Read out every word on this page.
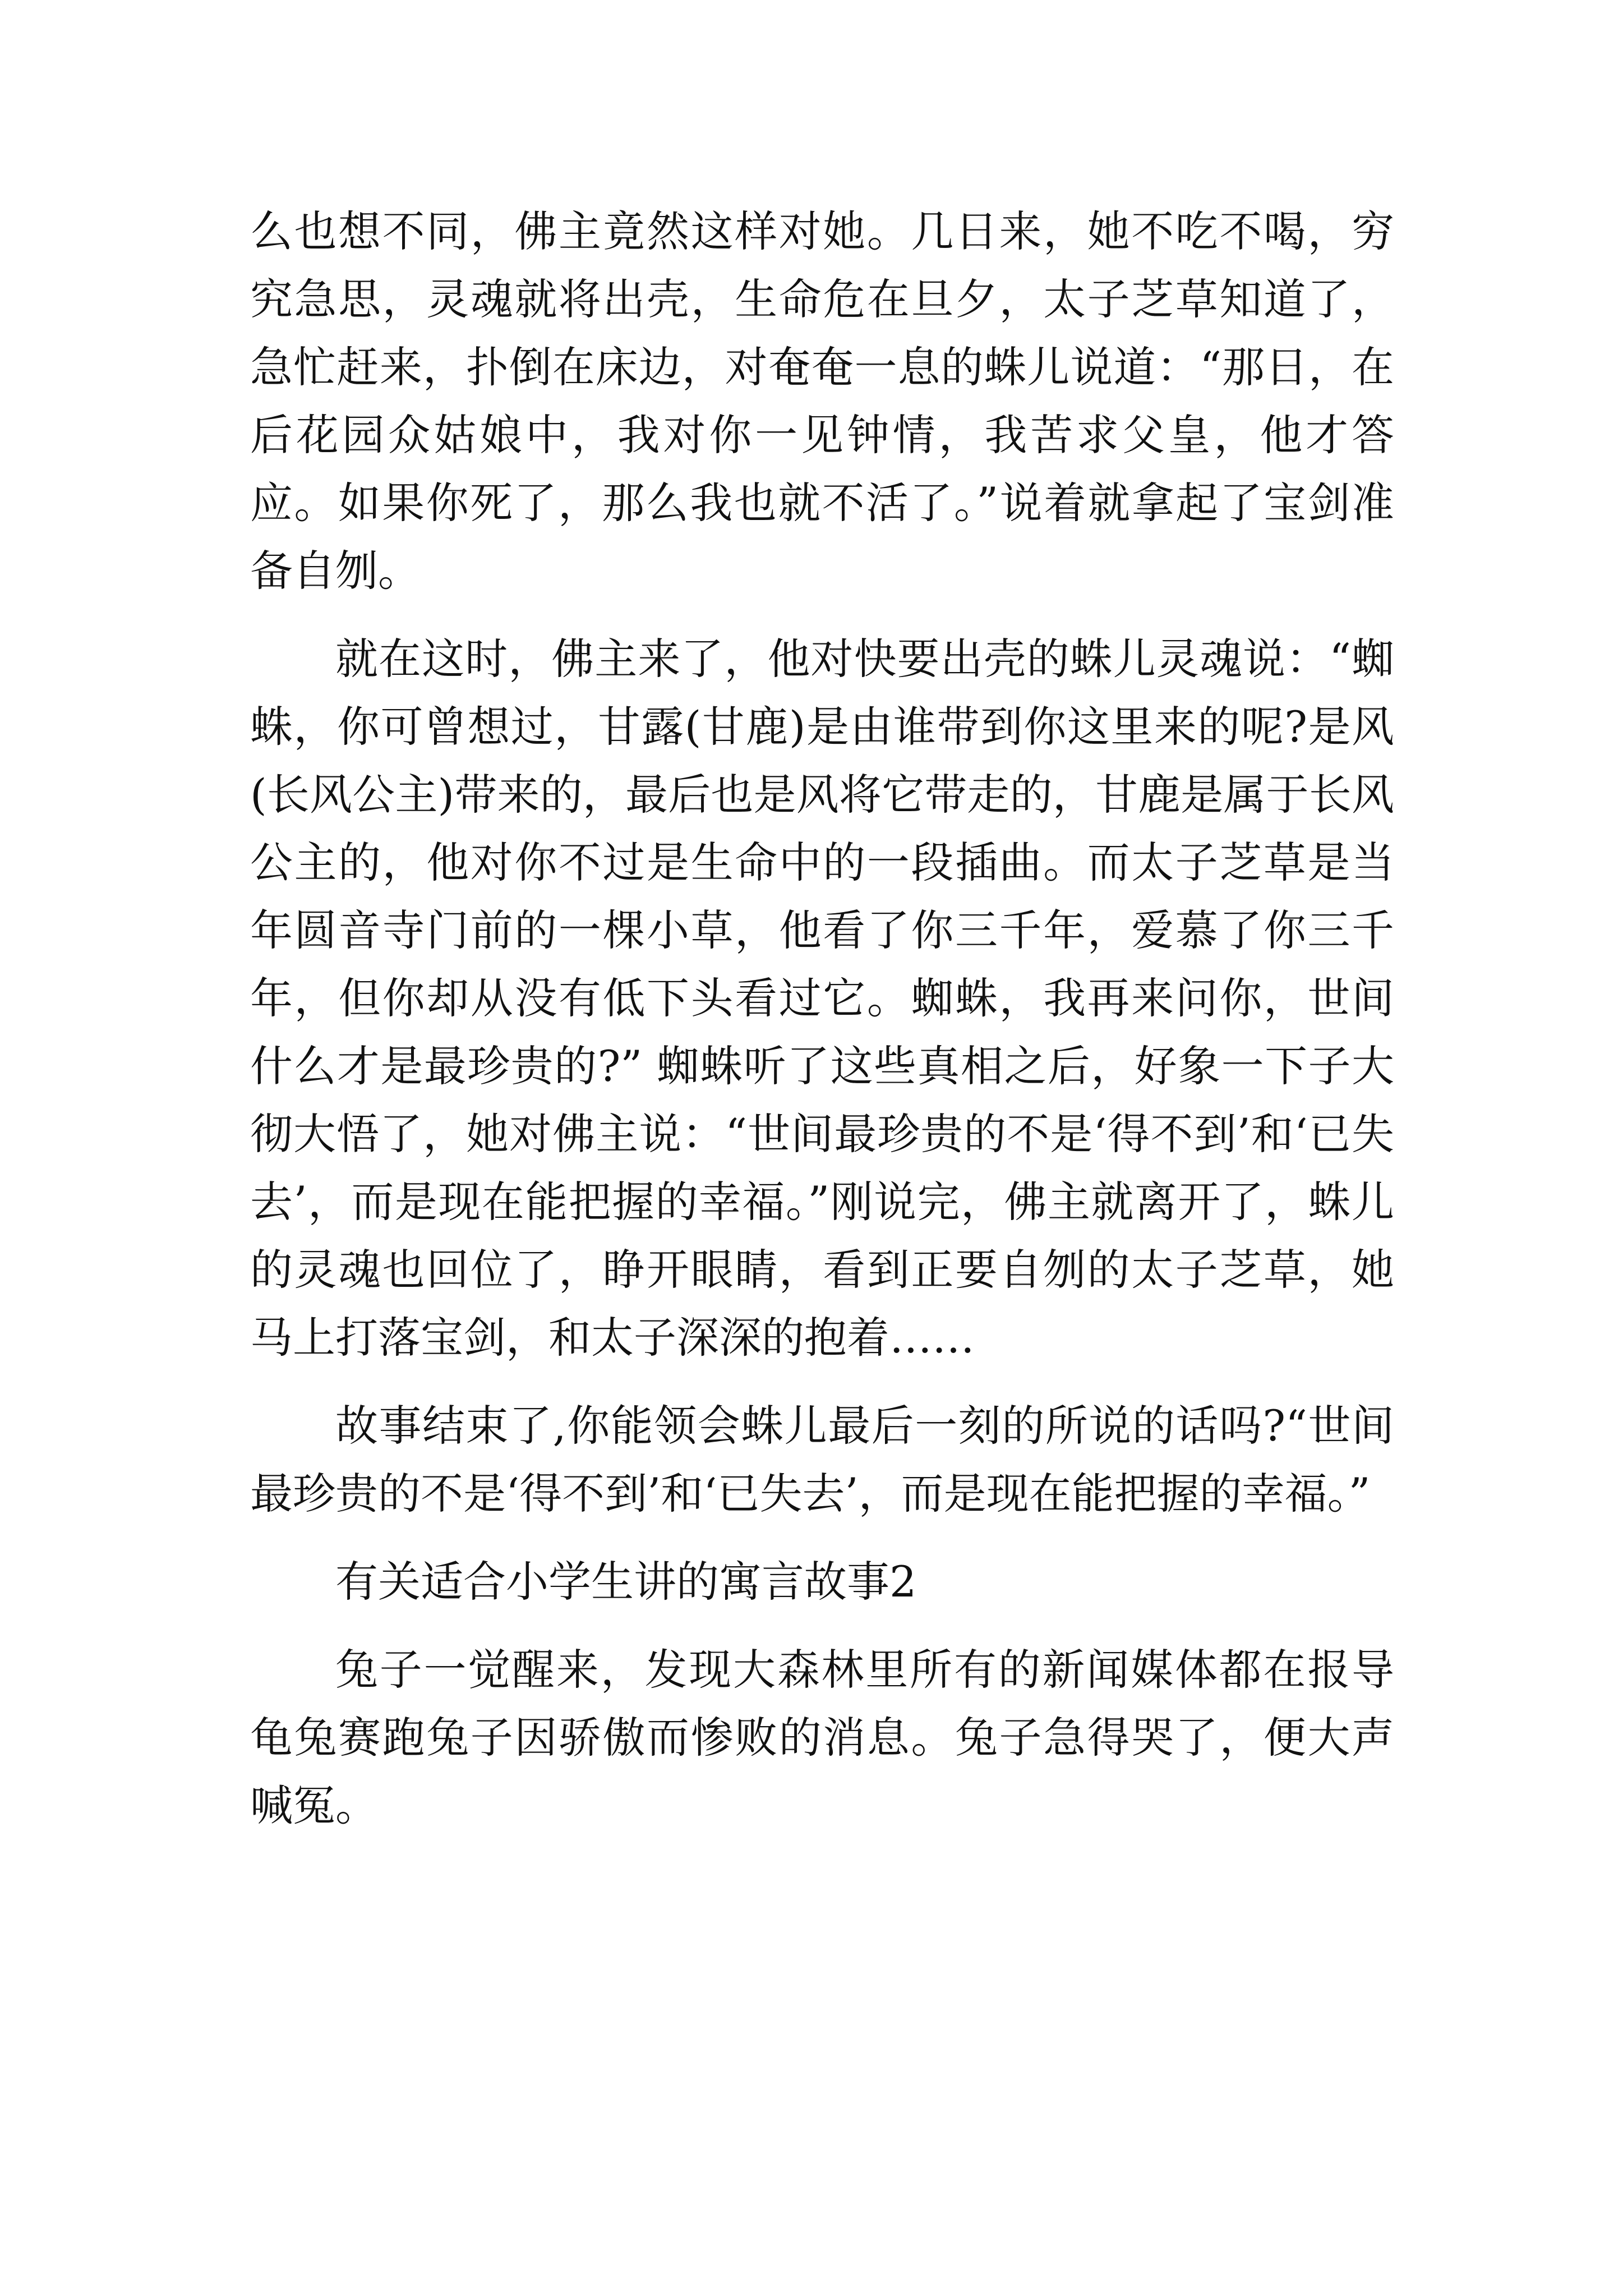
么也想不同，佛主竟然这样对她。几日来，她不吃不喝，穷究急思，灵魂就将出壳，生命危在旦夕，太子芝草知道了，急忙赶来，扑倒在床边，对奄奄一息的蛛儿说道：“那日，在后花园众姑娘中，我对你一见钟情，我苦求父皇，他才答应。如果你死了，那么我也就不活了。”说着就拿起了宝剑准备自刎。

就在这时，佛主来了，他对快要出壳的蛛儿灵魂说：“蜘蛛，你可曾想过，甘露(甘鹿)是由谁带到你这里来的呢?是风(长风公主)带来的，最后也是风将它带走的，甘鹿是属于长风公主的，他对你不过是生命中的一段插曲。而太子芝草是当年圆音寺门前的一棵小草，他看了你三千年，爱慕了你三千年，但你却从没有低下头看过它。蜘蛛，我再来问你，世间什么才是最珍贵的?” 蜘蛛听了这些真相之后，好象一下子大彻大悟了，她对佛主说：“世间最珍贵的不是‘得不到’和‘已失去’，而是现在能把握的幸福。”刚说完，佛主就离开了，蛛儿的灵魂也回位了，睁开眼睛，看到正要自刎的太子芝草，她马上打落宝剑，和太子深深的抱着……

故事结束了,你能领会蛛儿最后一刻的所说的话吗?“世间最珍贵的不是‘得不到’和‘已失去’，而是现在能把握的幸福。”

有关适合小学生讲的寓言故事2

兔子一觉醒来，发现大森林里所有的新闻媒体都在报导龟兔赛跑兔子因骄傲而惨败的消息。兔子急得哭了，便大声喊冤。
